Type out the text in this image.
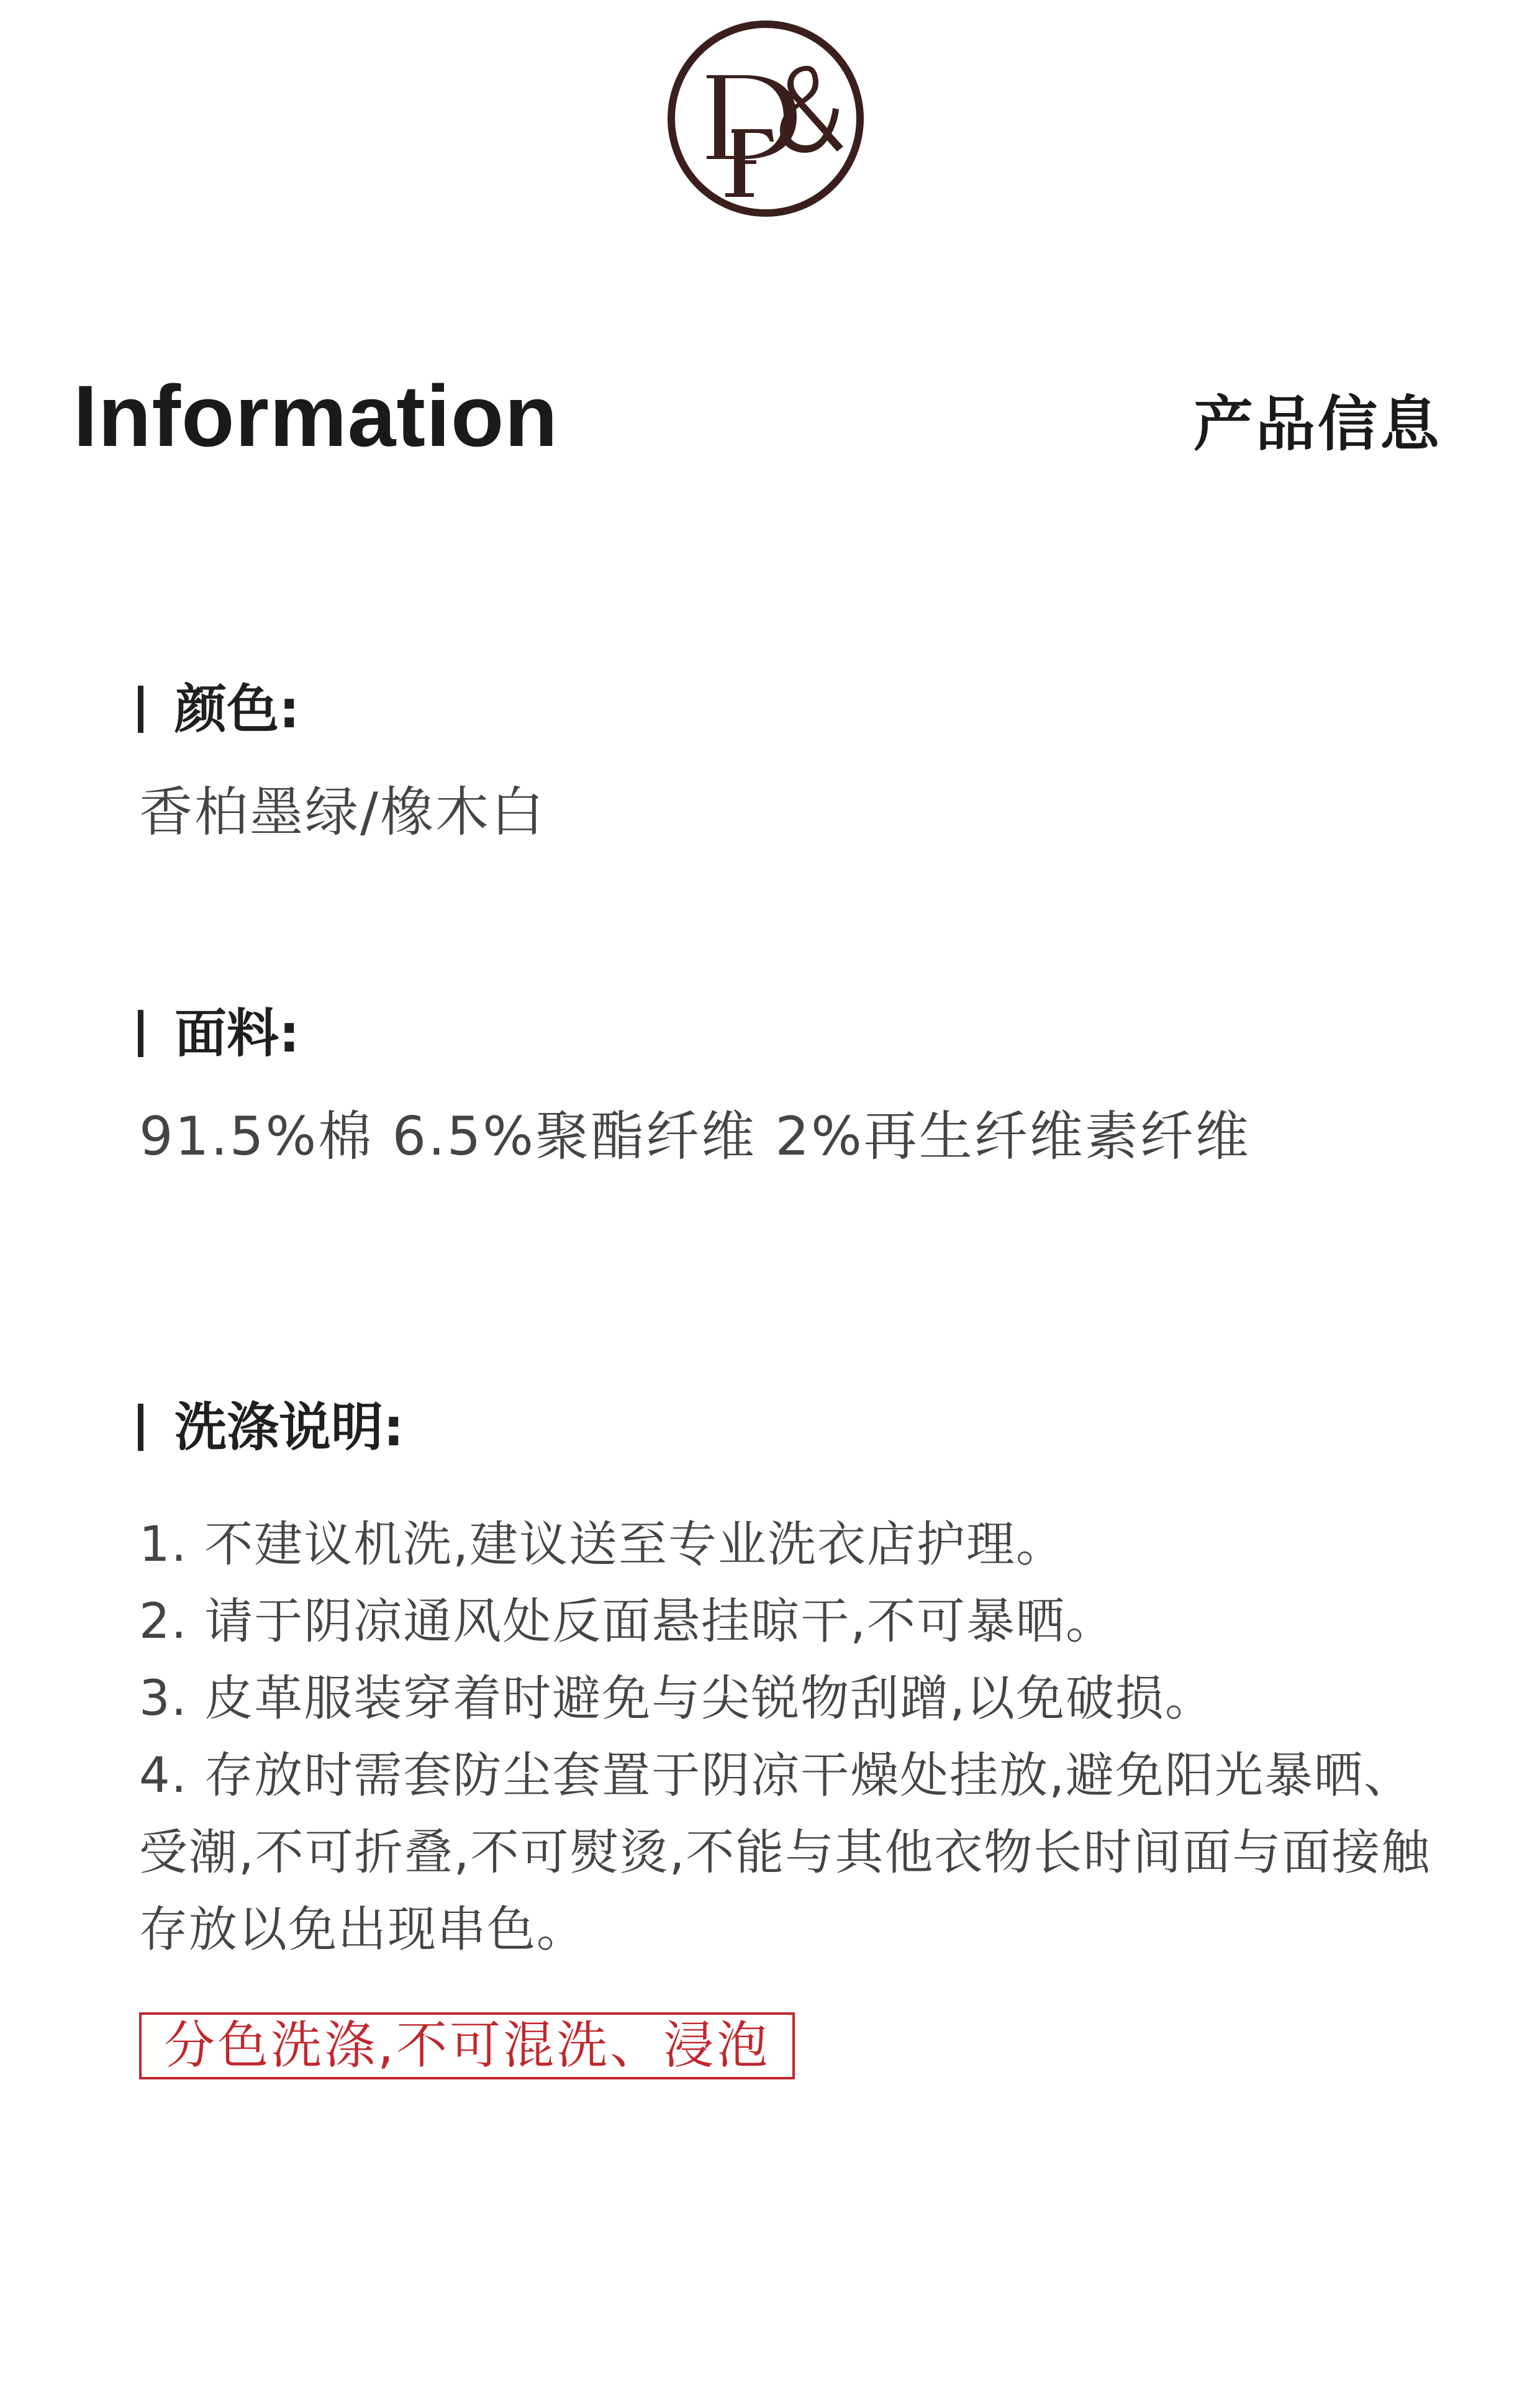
Information	产品信息
颜色:
香柏墨绿/橡木白
面料:
91.5%棉 6.5%聚酯纤维 2%再生纤维素纤维
洗涤说明:
1. 不建议机洗,建议送至专业洗衣店护理。
2. 请于阴凉通风处反面悬挂晾干,不可暴晒。
3. 皮革服装穿着时避免与尖锐物刮蹭,以免破损。
4. 存放时需套防尘套置于阴凉干燥处挂放,避免阳光暴晒、受潮,不可折叠,不可熨烫,不能与其他衣物长时间面与面接触存放以免出现串色。
分色洗涤,不可混洗、浸泡
